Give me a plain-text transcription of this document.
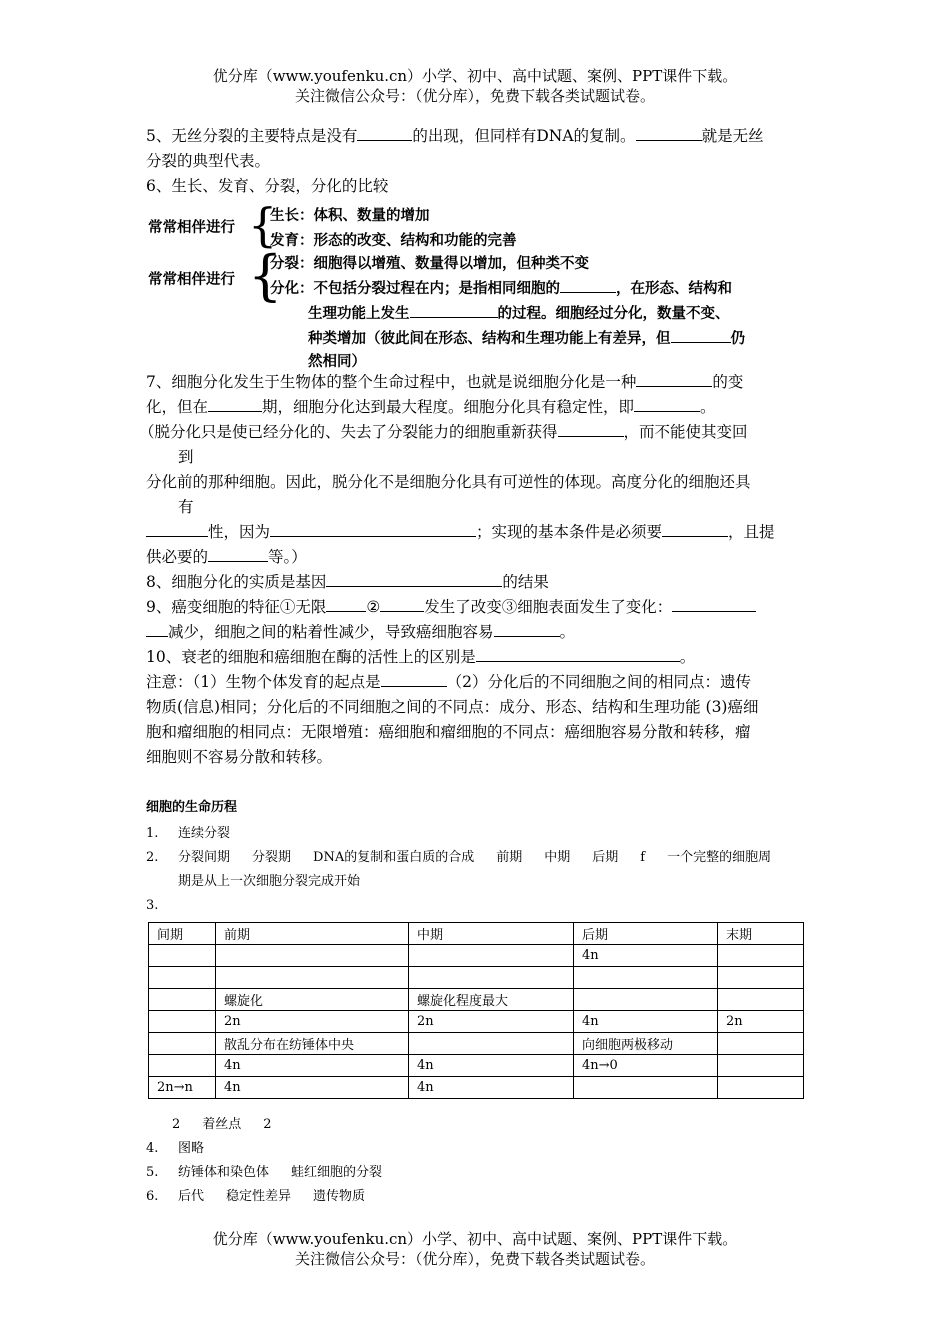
优分库（www.youfenku.cn）小学、初中、高中试题、案例、PPT课件下载。
关注微信公众号：（优分库），免费下载各类试题试卷。
5、无丝分裂的主要特点是没有	的出现，但同样有DNA的复制。	就是无丝
分裂的典型代表。
6、生长、发育、分裂，分化的比较
常常相伴进行 {
生长：体积、数量的增加
发育：形态的改变、结构和功能的完善
常常相伴进行 {
分裂：细胞得以增殖、数量得以增加，但种类不变
分化：不包括分裂过程在内；是指相同细胞的	，在形态、结构和
生理功能上发生	的过程。细胞经过分化，数量不变、
种类增加（彼此间在形态、结构和生理功能上有差异，但	仍
然相同）
7、细胞分化发生于生物体的整个生命过程中，也就是说细胞分化是一种	的变
化，但在	期，细胞分化达到最大程度。细胞分化具有稳定性，即	。
（脱分化只是使已经分化的、失去了分裂能力的细胞重新获得	，而不能使其变回
到
分化前的那种细胞。因此，脱分化不是细胞分化具有可逆性的体现。高度分化的细胞还具
有
性，因为	；实现的基本条件是必须要	，且提
供必要的	等。）
8、细胞分化的实质是基因	的结果
9、癌变细胞的特征①无限	②	发生了改变③细胞表面发生了变化：
减少，细胞之间的粘着性减少，导致癌细胞容易	。
10、衰老的细胞和癌细胞在酶的活性上的区别是	。
注意：（1）生物个体发育的起点是	（2）分化后的不同细胞之间的相同点：遗传
物质(信息)相同；分化后的不同细胞之间的不同点：成分、形态、结构和生理功能 (3)癌细
胞和瘤细胞的相同点：无限增殖：癌细胞和瘤细胞的不同点：癌细胞容易分散和转移，瘤
细胞则不容易分散和转移。
细胞的生命历程
1. 连续分裂
2. 分裂间期 分裂期 DNA的复制和蛋白质的合成 前期 中期 后期 f 一个完整的细胞周
期是从上一次细胞分裂完成开始
3.
间期	前期	中期	后期	末期
			4n	

	螺旋化	螺旋化程度最大		
	2n	2n	4n	2n
	散乱分布在纺锤体中央		向细胞两极移动	
	4n	4n	4n→0	
2n→n	4n	4n		
2 着丝点 2
4. 图略
5. 纺锤体和染色体 蛙红细胞的分裂
6. 后代 稳定性差异 遗传物质
优分库（www.youfenku.cn）小学、初中、高中试题、案例、PPT课件下载。
关注微信公众号：（优分库），免费下载各类试题试卷。
